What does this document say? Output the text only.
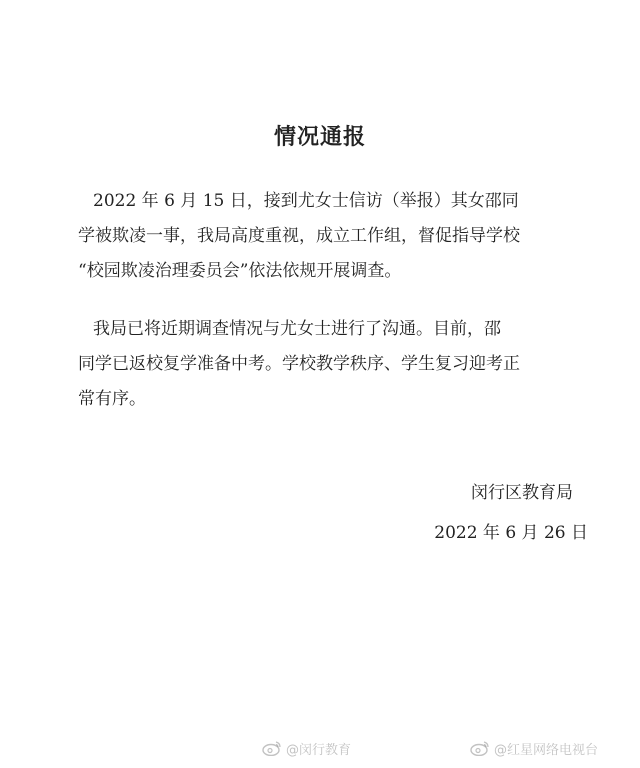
情况通报
2022 年 6 月 15 日，接到尤女士信访（举报）其女邵同
学被欺凌一事，我局高度重视，成立工作组，督促指导学校
“校园欺凌治理委员会”依法依规开展调查。
我局已将近期调查情况与尤女士进行了沟通。目前，邵
同学已返校复学准备中考。学校教学秩序、学生复习迎考正
常有序。
闵行区教育局
2022 年 6 月 26 日
@闵行教育	@红星网络电视台
